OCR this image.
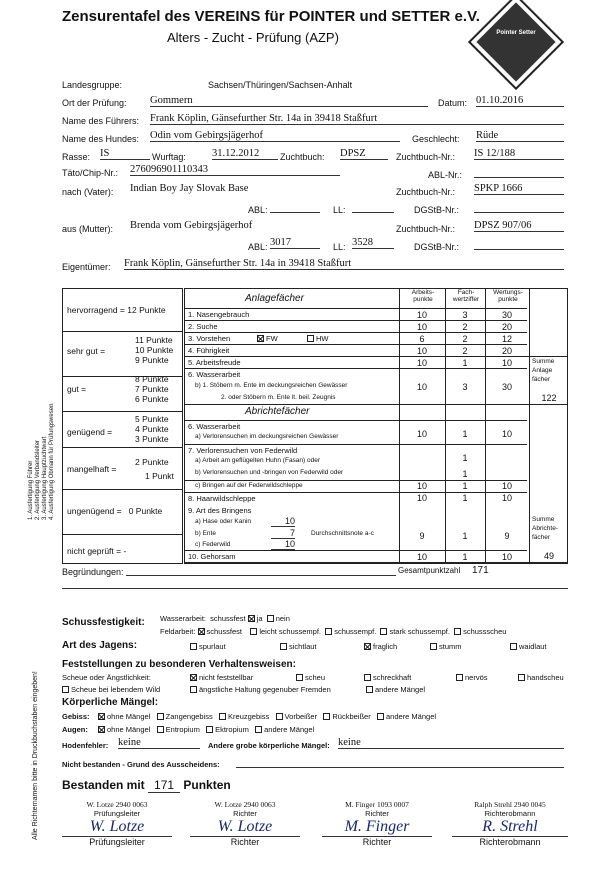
Zensurentafel des VEREINS für POINTER und SETTER e.V.
Alters - Zucht - Prüfung (AZP)	Pointer Setter
Landesgruppe:	Sachsen/Thüringen/Sachsen-Anhalt
Ort der Prüfung: Gommern	Datum: 01.10.2016
Name des Führers: Frank Köplin, Gänsefurther Str. 14a in 39418 Staßfurt
Name des Hundes: Odin vom Gebirgsjägerhof	Geschlecht: Rüde
Rasse: IS	Wurftag: 31.12.2012	Zuchtbuch: DPSZ	Zuchtbuch-Nr.: IS 12/188
Täto/Chip-Nr.: 276096901110343	ABL-Nr.:
nach (Vater): Indian Boy Jay Slovak Base	Zuchtbuch-Nr.: SPKP 1666
ABL:	LL:	DGStB-Nr.:
aus (Mutter): Brenda vom Gebirgsjägerhof	Zuchtbuch-Nr.: DPSZ 907/06
ABL: 3017	LL: 3528	DGStB-Nr.:
Eigentümer: Frank Köplin, Gänsefurther Str. 14a in 39418 Staßfurt
1. Ausfertigung Führer 2. Ausfertigung Verbandsleiter 3. Ausfertigung Hauptzuchtwart 4. Ausfertigung Obmann für Prüfungswesen
hervorragend = 12 Punkte
sehr gut =
11 Punkte
10 Punkte
9 Punkte
gut =
8 Punkte
7 Punkte
6 Punkte
genügend =
5 Punkte
4 Punkte
3 Punkte
mangelhaft =
2 Punkte
1 Punkt
ungenügend = 0 Punkte
nicht geprüft = -
Anlagefächer
Arbeits-punkte
Fach-wertziffer
Wertungs-punkte
1. Nasengebrauch	10	3	30
2. Suche	10	2	20
3. Vorstehen	FW	HW	6	2	12
4. Führigkeit	10	2	20
5. Arbeitsfreude	10	1	10	Summe Anlage fächer
122
6. Wasserarbeit
b) 1. Stöbern m. Ente im deckungsreichen Gewässer
2. oder Stöbern m. Ente lt. beil. Zeugnis
10	3	30
Abrichtefächer
6. Wasserarbeit
a) Verlorensuchen im deckungsreichen Gewässer	10	1	10
7. Verlorensuchen von Federwild
a) Arbeit am geflügelten Huhn (Fasan) oder	1
b) Verlorensuchen und -bringen von Federwild oder	1
c) Bringen auf der Federwildschleppe	10	1	10
8. Haarwildschleppe	10	1	10
9. Art des Bringens
a) Hase oder Kanin	10
b) Ente	7 Durchschnittsnote a-c
c) Federwild	10
9	1	9
Summe Abrichte-fächer
49
10. Gehorsam	10	1	10
Begründungen:	Gesamtpunktzahl 171
Alle Richternamen bitte in Druckbuchstaben eingeben!
Schussfestigkeit: Wasserarbeit: schussfest ja nein
Feldarbeit: schussfest leicht schussempf. schussempf. stark schussempf. schussscheu
Art des Jagens:	spurlaut	sichtlaut	fraglich	stumm	waidlaut
Feststellungen zu besonderen Verhaltensweisen:
Scheue oder Ängstlichkeit:	nicht feststellbar	scheu	schreckhaft	nervös	handscheu
Scheue bei lebendem Wild	ängstliche Haltung gegenuber Fremden	andere Mängel
Körperliche Mängel:
Gebiss:	ohne Mängel Zangengebiss Kreuzgebiss Vorbeißer Rückbeißer andere Mängel
Augen:	ohne Mängel Entropium Ektropium andere Mängel
Hodenfehler: keine	Andere grobe körperliche Mängel: keine
Nicht bestanden - Grund des Ausscheidens:
Bestanden mit 171 Punkten
W. Lotze 2940 0063
Prüfungsleiter
W. Lotze
Prüfungsleiter
W. Lotze 2940 0063
Richter
W. Lotze
Richter
M. Finger 1093 0007
Richter
M. Finger
Richter
Ralph Strehl 2940 0045
Richterobmann
R. Strehl
Richterobmann
